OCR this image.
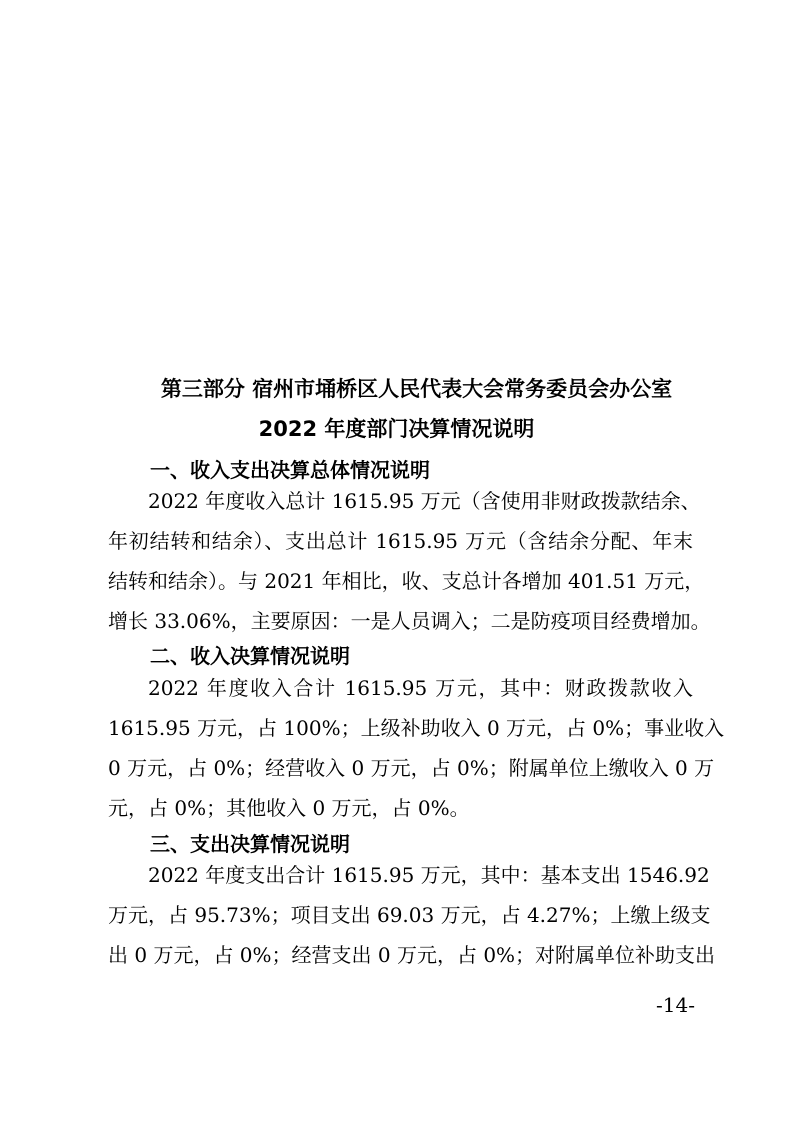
第三部分 宿州市埇桥区人民代表大会常务委员会办公室
2022 年度部门决算情况说明
一、收入支出决算总体情况说明
2022 年度收入总计 1615.95 万元（含使用非财政拨款结余、
年初结转和结余）、支出总计 1615.95 万元（含结余分配、年末
结转和结余）。与 2021 年相比，收、支总计各增加 401.51 万元，
增长 33.06%，主要原因：一是人员调入；二是防疫项目经费增加。
二、收入决算情况说明
2022 年度收入合计 1615.95 万元，其中：财政拨款收入
1615.95 万元，占 100%；上级补助收入 0 万元，占 0%；事业收入
0 万元，占 0%；经营收入 0 万元，占 0%；附属单位上缴收入 0 万
元，占 0%；其他收入 0 万元，占 0%。
三、支出决算情况说明
2022 年度支出合计 1615.95 万元，其中：基本支出 1546.92
万元，占 95.73%；项目支出 69.03 万元，占 4.27%；上缴上级支
出 0 万元，占 0%；经营支出 0 万元，占 0%；对附属单位补助支出
-14-
